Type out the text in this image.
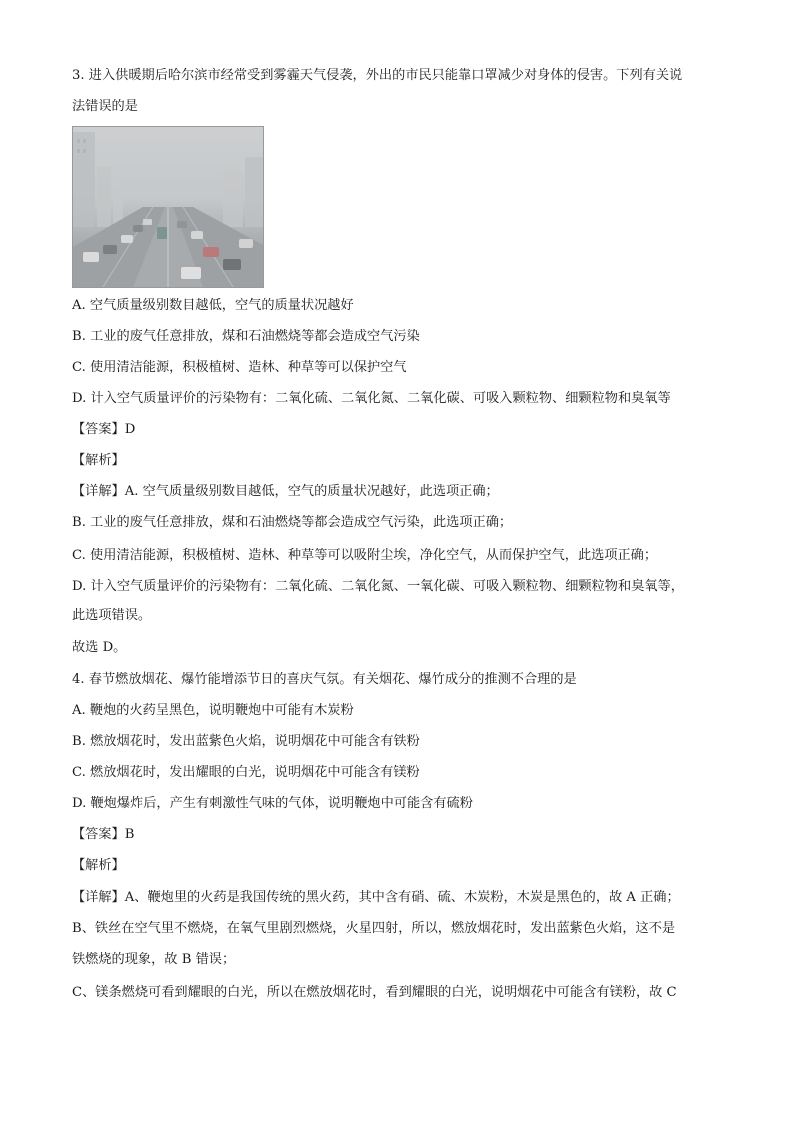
3. 进入供暖期后哈尔滨市经常受到雾霾天气侵袭，外出的市民只能靠口罩减少对身体的侵害。下列有关说
法错误的是
A. 空气质量级别数目越低，空气的质量状况越好
B. 工业的废气任意排放，煤和石油燃烧等都会造成空气污染
C. 使用清洁能源，积极植树、造林、种草等可以保护空气
D. 计入空气质量评价的污染物有：二氧化硫、二氧化氮、二氧化碳、可吸入颗粒物、细颗粒物和臭氧等
【答案】D
【解析】
【详解】A. 空气质量级别数目越低，空气的质量状况越好，此选项正确；
B. 工业的废气任意排放，煤和石油燃烧等都会造成空气污染，此选项正确；
C. 使用清洁能源，积极植树、造林、种草等可以吸附尘埃，净化空气，从而保护空气，此选项正确；
D. 计入空气质量评价的污染物有：二氧化硫、二氧化氮、一氧化碳、可吸入颗粒物、细颗粒物和臭氧等，
此选项错误。
故选 D。
4. 春节燃放烟花、爆竹能增添节日的喜庆气氛。有关烟花、爆竹成分的推测不合理的是
A. 鞭炮的火药呈黑色，说明鞭炮中可能有木炭粉
B. 燃放烟花时，发出蓝紫色火焰，说明烟花中可能含有铁粉
C. 燃放烟花时，发出耀眼的白光，说明烟花中可能含有镁粉
D. 鞭炮爆炸后，产生有刺激性气味的气体，说明鞭炮中可能含有硫粉
【答案】B
【解析】
【详解】A、鞭炮里的火药是我国传统的黑火药，其中含有硝、硫、木炭粉，木炭是黑色的，故 A 正确；
B、铁丝在空气里不燃烧，在氧气里剧烈燃烧，火星四射，所以，燃放烟花时，发出蓝紫色火焰，这不是
铁燃烧的现象，故 B 错误；
C、镁条燃烧可看到耀眼的白光，所以在燃放烟花时，看到耀眼的白光，说明烟花中可能含有镁粉，故 C
